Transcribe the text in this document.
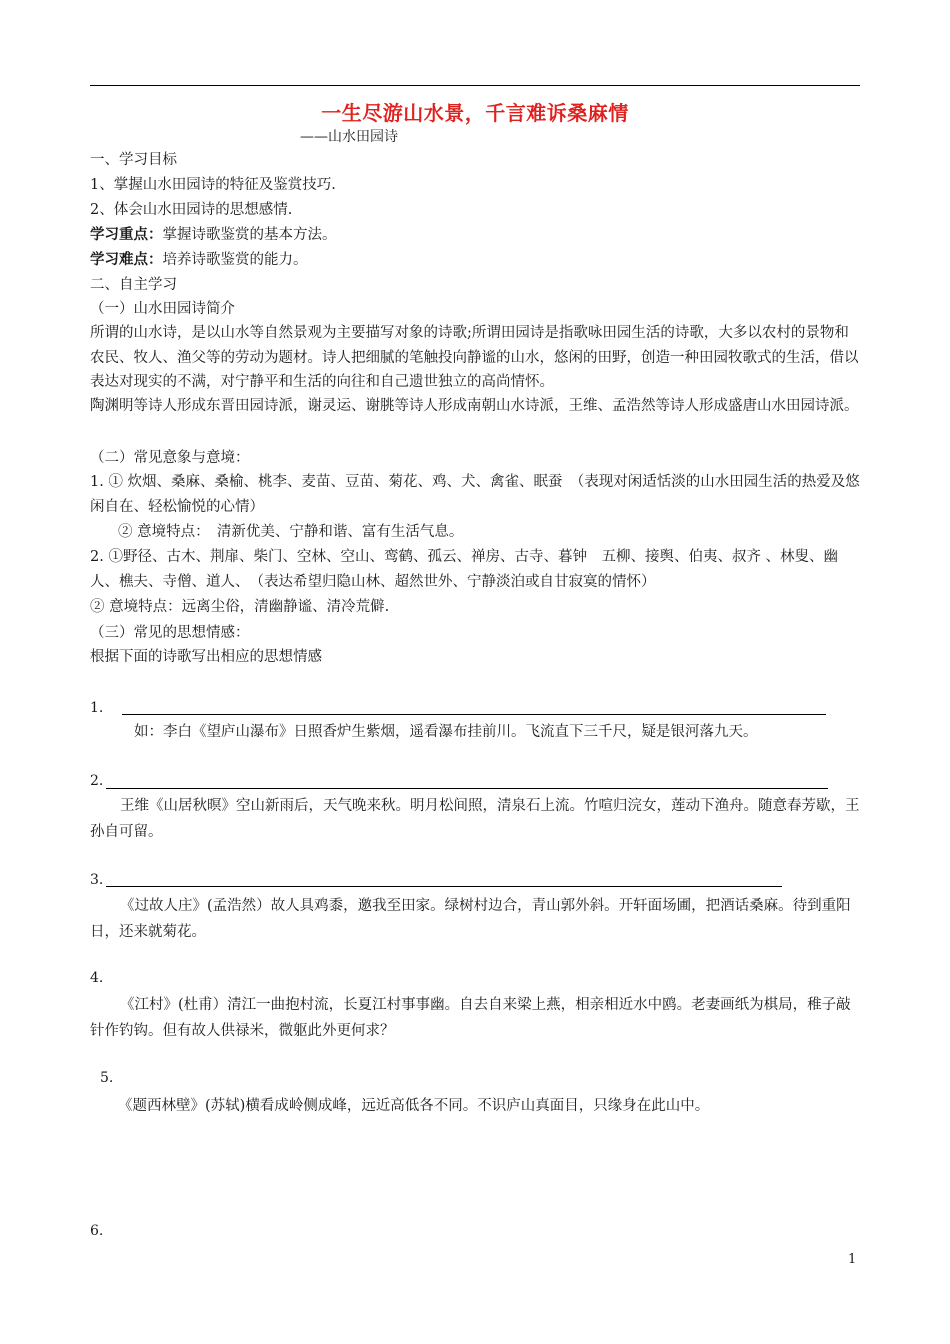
一生尽游山水景，千言难诉桑麻情
——山水田园诗
一、学习目标
1、掌握山水田园诗的特征及鉴赏技巧.
2、体会山水田园诗的思想感情.
学习重点：掌握诗歌鉴赏的基本方法。
学习难点：培养诗歌鉴赏的能力。
二、自主学习
（一）山水田园诗简介
所谓的山水诗，是以山水等自然景观为主要描写对象的诗歌;所谓田园诗是指歌咏田园生活的诗歌，大多以农村的景物和农民、牧人、渔父等的劳动为题材。诗人把细腻的笔触投向静谧的山水，悠闲的田野，创造一种田园牧歌式的生活，借以表达对现实的不满，对宁静平和生活的向往和自己遗世独立的高尚情怀。
陶渊明等诗人形成东晋田园诗派，谢灵运、谢朓等诗人形成南朝山水诗派，王维、孟浩然等诗人形成盛唐山水田园诗派。
（二）常见意象与意境：
1. ① 炊烟、桑麻、桑榆、桃李、麦苗、豆苗、菊花、鸡、犬、禽雀、眠蚕　（表现对闲适恬淡的山水田园生活的热爱及悠闲自在、轻松愉悦的心情）
② 意境特点：　清新优美、宁静和谐、富有生活气息。
2. ①野径、古木、荆扉、柴门、空林、空山、鸾鹤、孤云、禅房、古寺、暮钟　五柳、接舆、伯夷、叔齐 、林叟、幽人、樵夫、寺僧、道人、　（表达希望归隐山林、超然世外、宁静淡泊或自甘寂寞的情怀）
② 意境特点：远离尘俗，清幽静谧、清冷荒僻.
（三）常见的思想情感：
根据下面的诗歌写出相应的思想情感
1.
如：李白《望庐山瀑布》日照香炉生紫烟，遥看瀑布挂前川。飞流直下三千尺，疑是银河落九天。
2.
王维《山居秋暝》空山新雨后，天气晚来秋。明月松间照，清泉石上流。竹喧归浣女，莲动下渔舟。随意春芳歇，王孙自可留。
3.
《过故人庄》(孟浩然）故人具鸡黍，邀我至田家。绿树村边合，青山郭外斜。开轩面场圃，把酒话桑麻。待到重阳日，还来就菊花。
4.
《江村》(杜甫）清江一曲抱村流，长夏江村事事幽。自去自来梁上燕，相亲相近水中鸥。老妻画纸为棋局，稚子敲针作钓钩。但有故人供禄米，微躯此外更何求？
5.
《题西林壁》(苏轼)横看成岭侧成峰，远近高低各不同。不识庐山真面目，只缘身在此山中。
6.
1
